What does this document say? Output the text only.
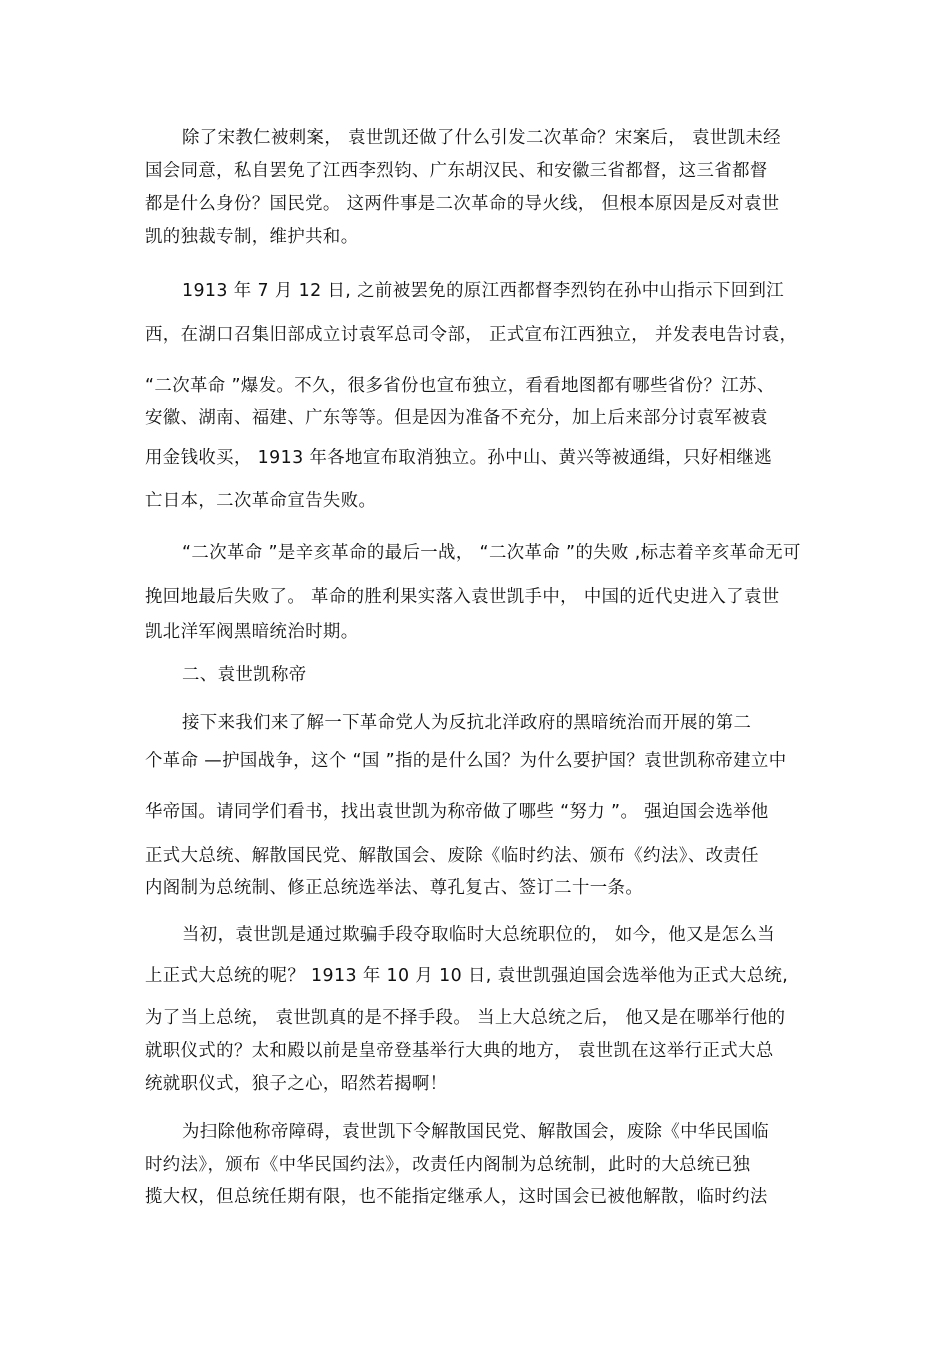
除了宋教仁被刺案， 袁世凯还做了什么引发二次革命？宋案后， 袁世凯未经
国会同意，私自罢免了江西李烈钧、广东胡汉民、和安徽三省都督，这三省都督
都是什么身份？国民党。 这两件事是二次革命的导火线， 但根本原因是反对袁世
凯的独裁专制，维护共和。
1913 年 7 月 12 日, 之前被罢免的原江西都督李烈钧在孙中山指示下回到江
西，在湖口召集旧部成立讨袁军总司令部， 正式宣布江西独立， 并发表电告讨袁，
“二次革命 ”爆发。不久，很多省份也宣布独立，看看地图都有哪些省份？江苏、
安徽、湖南、福建、广东等等。但是因为准备不充分，加上后来部分讨袁军被袁
用金钱收买， 1913 年各地宣布取消独立。孙中山、黄兴等被通缉，只好相继逃
亡日本，二次革命宣告失败。
“二次革命 ”是辛亥革命的最后一战， “二次革命 ”的失败 ,标志着辛亥革命无可
挽回地最后失败了。 革命的胜利果实落入袁世凯手中， 中国的近代史进入了袁世
凯北洋军阀黑暗统治时期。
二、袁世凯称帝
接下来我们来了解一下革命党人为反抗北洋政府的黑暗统治而开展的第二
个革命 —护国战争，这个 “国 ”指的是什么国？为什么要护国？袁世凯称帝建立中
华帝国。请同学们看书，找出袁世凯为称帝做了哪些 “努力 ”。 强迫国会选举他
正式大总统、解散国民党、解散国会、废除《临时约法、颁布《约法》、改责任
内阁制为总统制、修正总统选举法、尊孔复古、签订二十一条。
当初，袁世凯是通过欺骗手段夺取临时大总统职位的， 如今，他又是怎么当
上正式大总统的呢？ 1913 年 10 月 10 日, 袁世凯强迫国会选举他为正式大总统,
为了当上总统， 袁世凯真的是不择手段。 当上大总统之后， 他又是在哪举行他的
就职仪式的？太和殿以前是皇帝登基举行大典的地方， 袁世凯在这举行正式大总
统就职仪式，狼子之心，昭然若揭啊！
为扫除他称帝障碍，袁世凯下令解散国民党、解散国会，废除《中华民国临
时约法》，颁布《中华民国约法》，改责任内阁制为总统制，此时的大总统已独
揽大权，但总统任期有限，也不能指定继承人，这时国会已被他解散，临时约法
